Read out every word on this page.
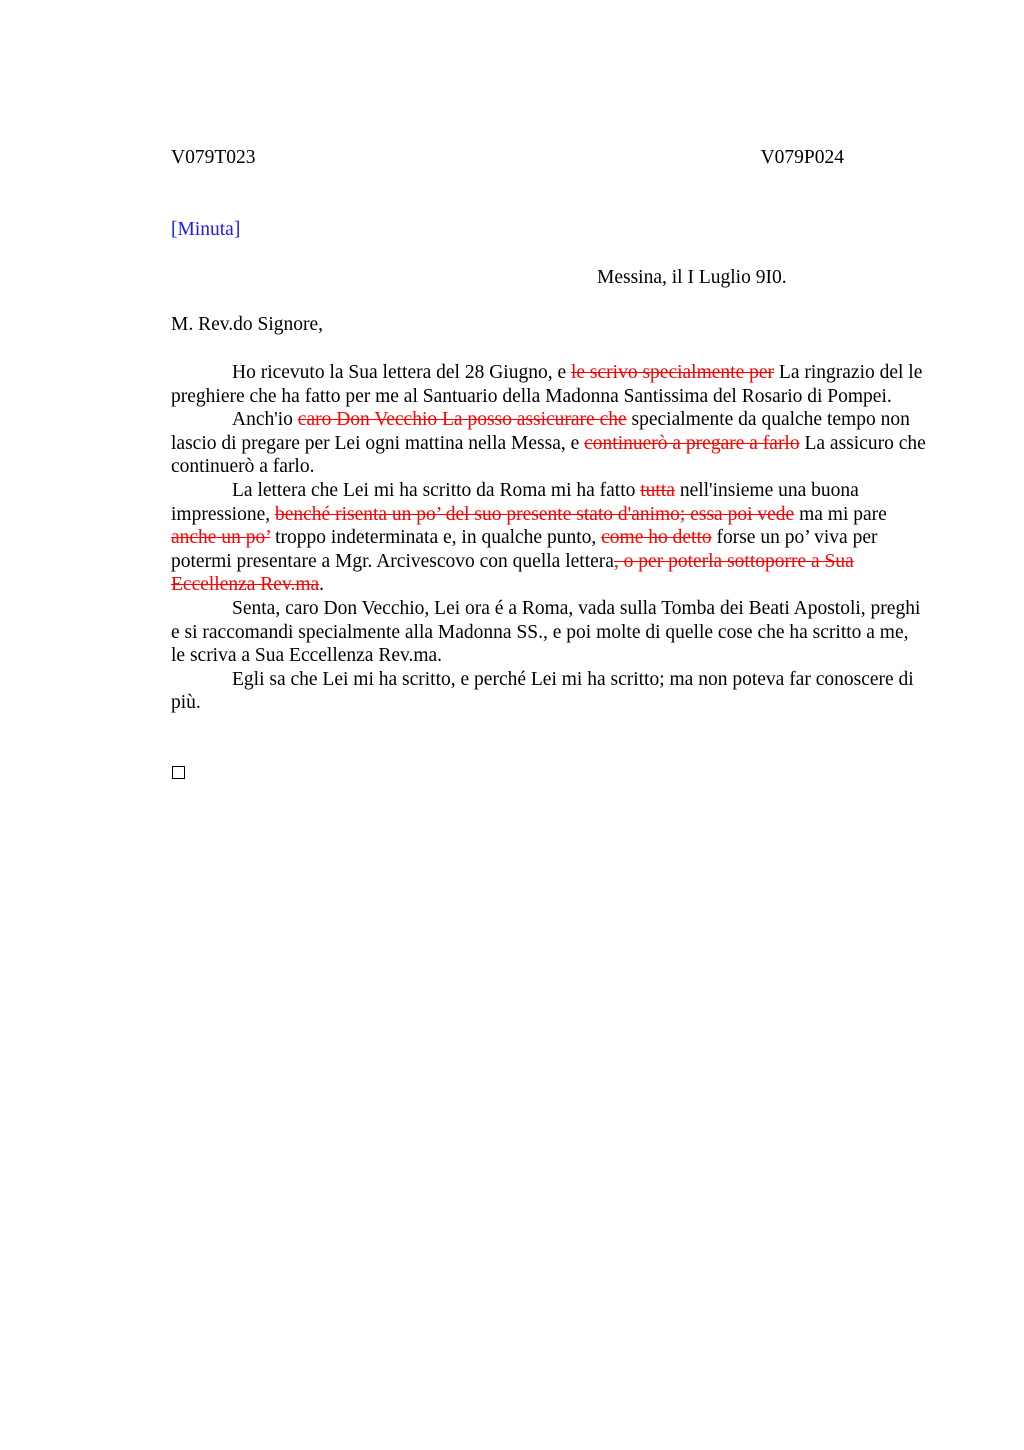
V079T023	V079P024
[Minuta]
Messina, il I Luglio 9I0.
M. Rev.do Signore,

Ho ricevuto la Sua lettera del 28 Giugno, e le scrivo specialmente per La ringrazio del le preghiere che ha fatto per me al Santuario della Madonna Santissima del Rosario di Pompei.

Anch'io caro Don Vecchio La posso assicurare che specialmente da qualche tempo non lascio di pregare per Lei ogni mattina nella Messa, e continuerò a pregare a farlo La assicuro che continuerò a farlo.

La lettera che Lei mi ha scritto da Roma mi ha fatto tutta nell'insieme una buona impressione, benché risenta un po’ del suo presente stato d'animo; essa poi vede ma mi pare anche un po’ troppo indeterminata e, in qualche punto, come ho detto forse un po’ viva per potermi presentare a Mgr. Arcivescovo con quella lettera, o per poterla sottoporre a Sua Eccellenza Rev.ma.

Senta, caro Don Vecchio, Lei ora é a Roma, vada sulla Tomba dei Beati Apostoli, preghi e si raccomandi specialmente alla Madonna SS., e poi molte di quelle cose che ha scritto a me, le scriva a Sua Eccellenza Rev.ma.

Egli sa che Lei mi ha scritto, e perché Lei mi ha scritto; ma non poteva far conoscere di più.
